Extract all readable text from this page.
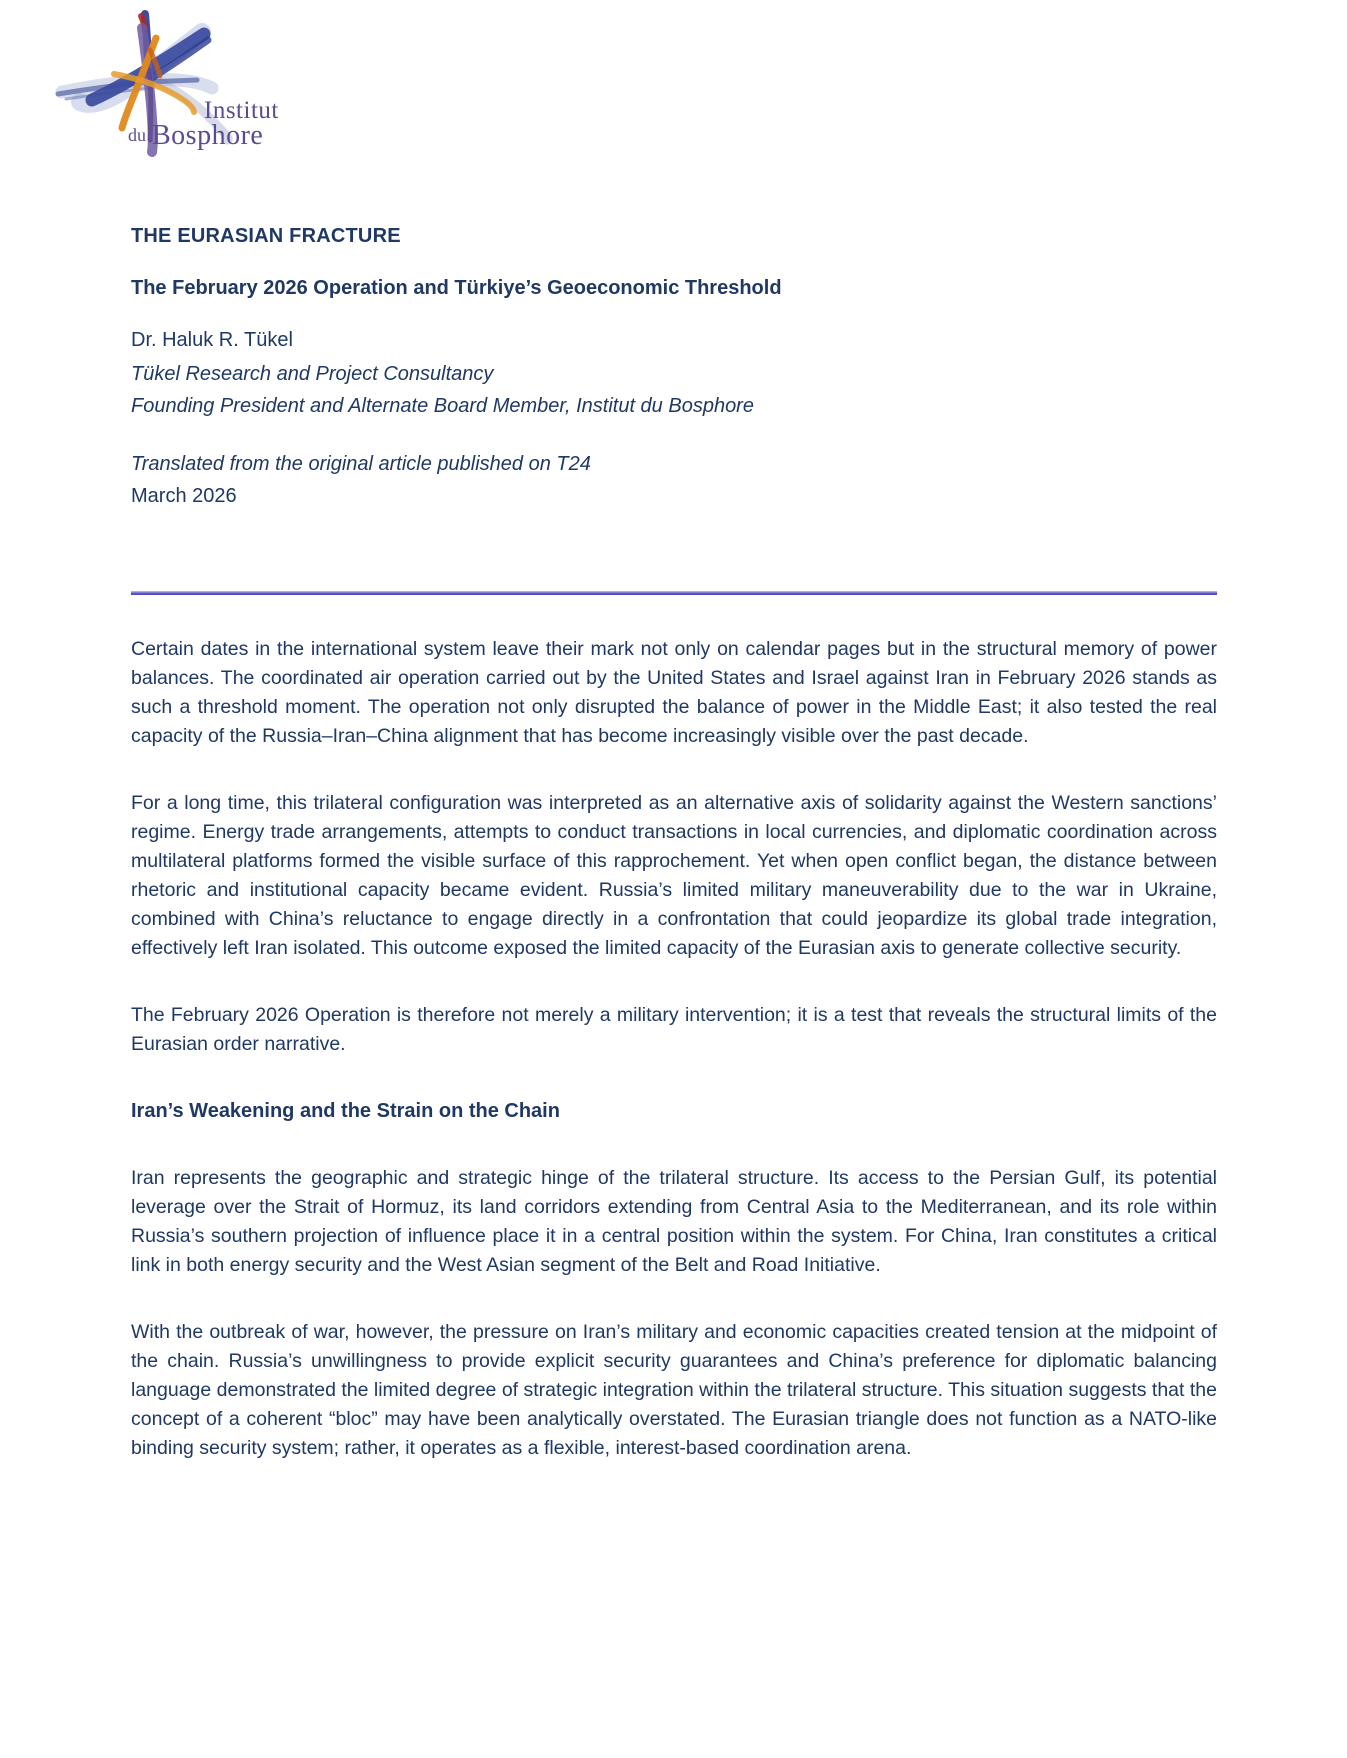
Institut
du Bosphore
THE EURASIAN FRACTURE
The February 2026 Operation and Türkiye’s Geoeconomic Threshold
Dr. Haluk R. Tükel
Tükel Research and Project Consultancy
Founding President and Alternate Board Member, Institut du Bosphore
Translated from the original article published on T24
March 2026
Certain dates in the international system leave their mark not only on calendar pages but in the structural memory of power balances. The coordinated air operation carried out by the United States and Israel against Iran in February 2026 stands as such a threshold moment. The operation not only disrupted the balance of power in the Middle East; it also tested the real capacity of the Russia–Iran–China alignment that has become increasingly visible over the past decade.
For a long time, this trilateral configuration was interpreted as an alternative axis of solidarity against the Western sanctions’ regime. Energy trade arrangements, attempts to conduct transactions in local currencies, and diplomatic coordination across multilateral platforms formed the visible surface of this rapprochement. Yet when open conflict began, the distance between rhetoric and institutional capacity became evident. Russia’s limited military maneuverability due to the war in Ukraine, combined with China’s reluctance to engage directly in a confrontation that could jeopardize its global trade integration, effectively left Iran isolated. This outcome exposed the limited capacity of the Eurasian axis to generate collective security.
The February 2026 Operation is therefore not merely a military intervention; it is a test that reveals the structural limits of the Eurasian order narrative.
Iran’s Weakening and the Strain on the Chain
Iran represents the geographic and strategic hinge of the trilateral structure. Its access to the Persian Gulf, its potential leverage over the Strait of Hormuz, its land corridors extending from Central Asia to the Mediterranean, and its role within Russia’s southern projection of influence place it in a central position within the system. For China, Iran constitutes a critical link in both energy security and the West Asian segment of the Belt and Road Initiative.
With the outbreak of war, however, the pressure on Iran’s military and economic capacities created tension at the midpoint of the chain. Russia’s unwillingness to provide explicit security guarantees and China’s preference for diplomatic balancing language demonstrated the limited degree of strategic integration within the trilateral structure. This situation suggests that the concept of a coherent “bloc” may have been analytically overstated. The Eurasian triangle does not function as a NATO-like binding security system; rather, it operates as a flexible, interest-based coordination arena.
